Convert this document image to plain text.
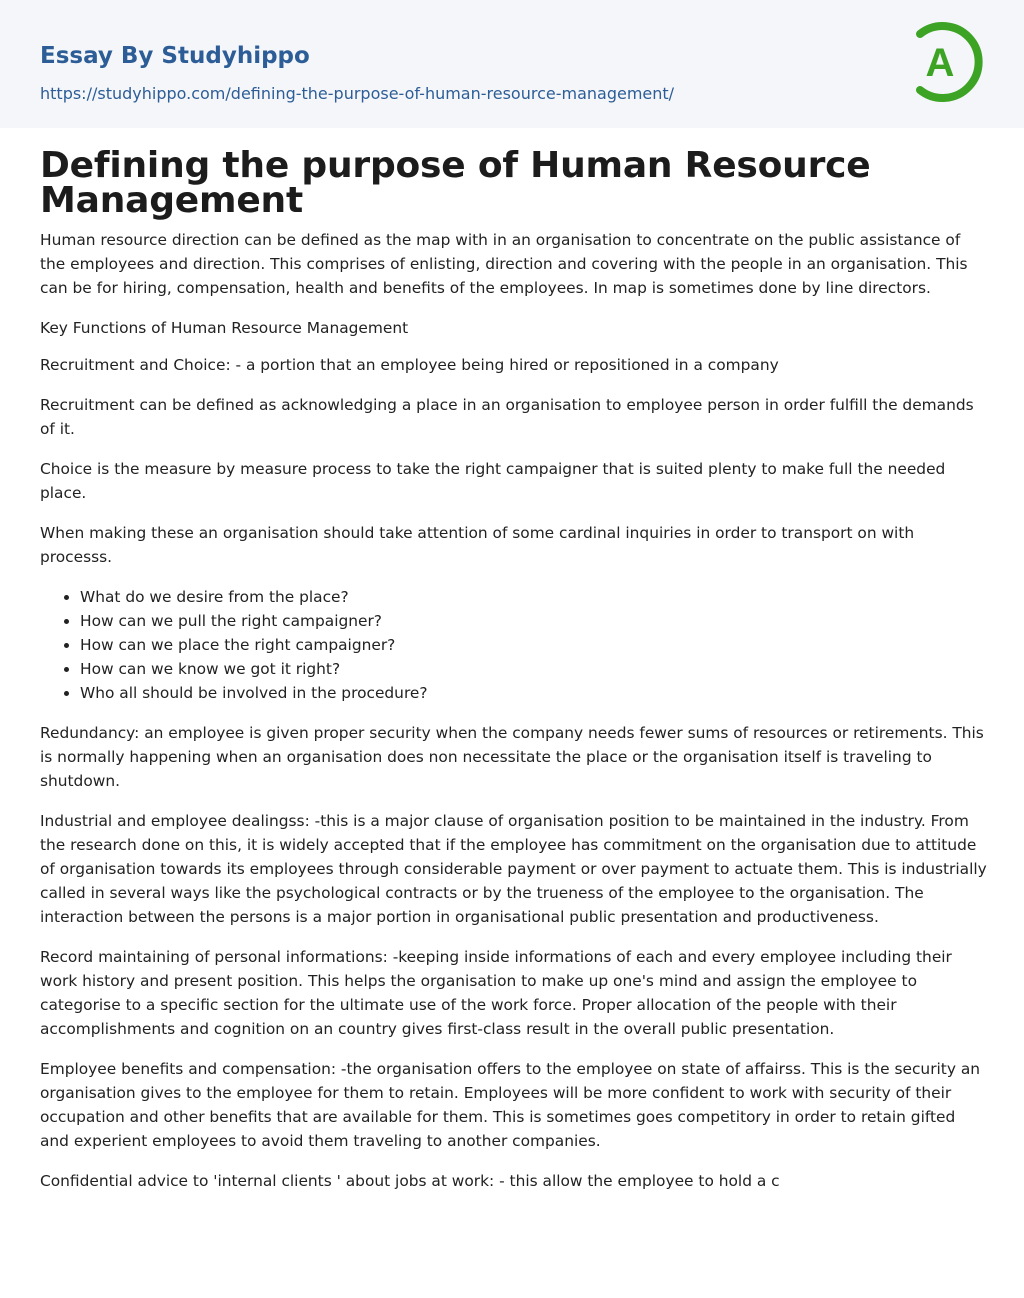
Essay By Studyhippo
https://studyhippo.com/defining-the-purpose-of-human-resource-management/
A
Defining the purpose of Human Resource Management

Human resource direction can be defined as the map with in an organisation to concentrate on the public assistance of the employees and direction. This comprises of enlisting, direction and covering with the people in an organisation. This can be for hiring, compensation, health and benefits of the employees. In map is sometimes done by line directors.

Key Functions of Human Resource Management

Recruitment and Choice: - a portion that an employee being hired or repositioned in a company

Recruitment can be defined as acknowledging a place in an organisation to employee person in order fulfill the demands of it.

Choice is the measure by measure process to take the right campaigner that is suited plenty to make full the needed place.

When making these an organisation should take attention of some cardinal inquiries in order to transport on with processs.

• What do we desire from the place?
• How can we pull the right campaigner?
• How can we place the right campaigner?
• How can we know we got it right?
• Who all should be involved in the procedure?

Redundancy: an employee is given proper security when the company needs fewer sums of resources or retirements. This is normally happening when an organisation does non necessitate the place or the organisation itself is traveling to shutdown.

Industrial and employee dealingss: -this is a major clause of organisation position to be maintained in the industry. From the research done on this, it is widely accepted that if the employee has commitment on the organisation due to attitude of organisation towards its employees through considerable payment or over payment to actuate them. This is industrially called in several ways like the psychological contracts or by the trueness of the employee to the organisation. The interaction between the persons is a major portion in organisational public presentation and productiveness.

Record maintaining of personal informations: -keeping inside informations of each and every employee including their work history and present position. This helps the organisation to make up one's mind and assign the employee to categorise to a specific section for the ultimate use of the work force. Proper allocation of the people with their accomplishments and cognition on an country gives first-class result in the overall public presentation.

Employee benefits and compensation: -the organisation offers to the employee on state of affairss. This is the security an organisation gives to the employee for them to retain. Employees will be more confident to work with security of their occupation and other benefits that are available for them. This is sometimes goes competitory in order to retain gifted and experient employees to avoid them traveling to another companies.

Confidential advice to 'internal clients ' about jobs at work: - this allow the employee to hold a c
